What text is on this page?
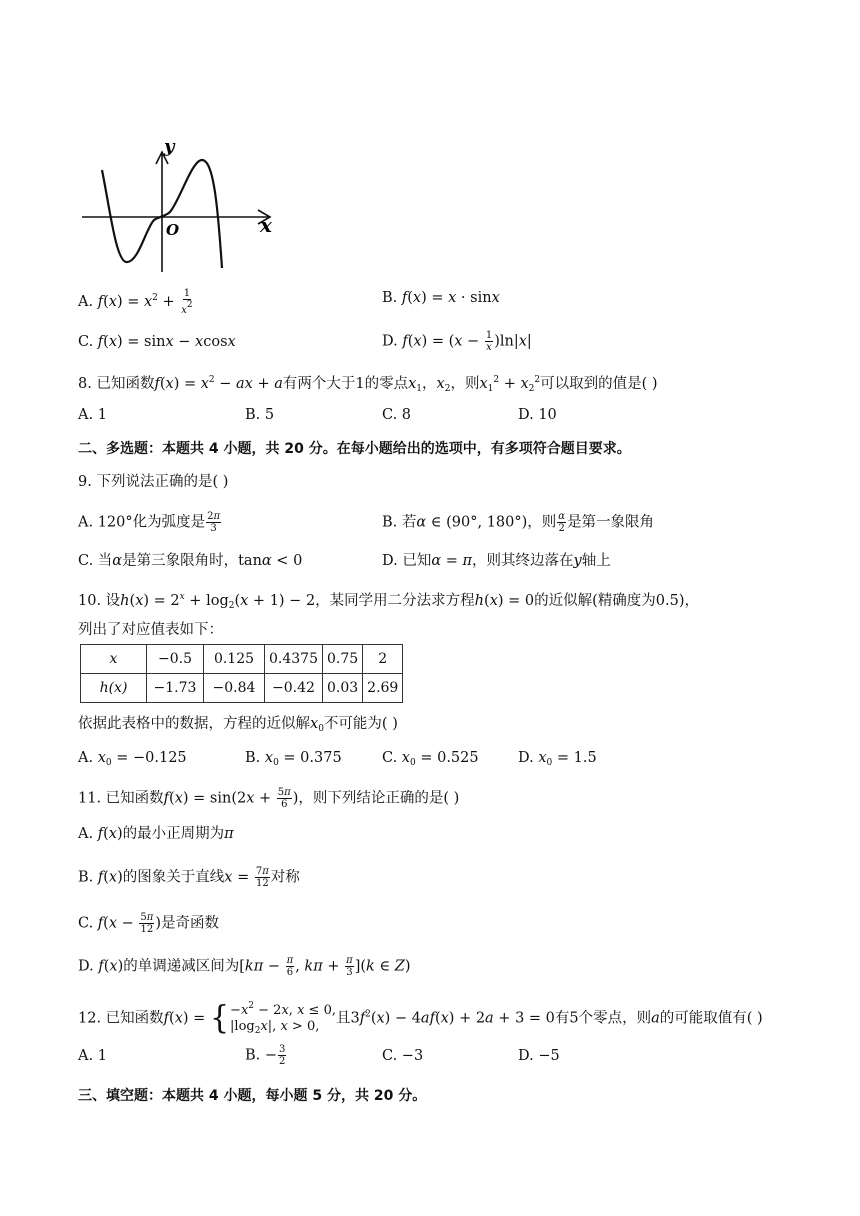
y
x
O
A. $f(x) = x^2 + \frac{1}{x^2}$	B. f(x) = x · sinx
C. f(x) = sinx − xcosx	D. $f(x) = (x - \frac{1}{x} )\ln|x|$
8. 已知函数$f(x) = x^2$ − ax + a有两个大于1的零点$x_1$，$x_2$，则$x_1^2 + x_2^2$可以取到的值是( )
A. 1	B. 5	C. 8	D. 10
二、多选题：本题共 4 小题，共 20 分。在每小题给出的选项中，有多项符合题目要求。
9. 下列说法正确的是( )
A. 120°化为弧度是 $\frac{2\pi}{3}$	B. 若α ∈ (90°, 180°)，则 $\frac{\alpha}{2}$ 是第一象限角
C. 当α是第三象限角时，tanα < 0	D. 已知α = π，则其终边落在y轴上
10. 设$h(x) = 2^x + \log_2(x + 1) - 2$，某同学用二分法求方程h(x) = 0的近似解(精确度为0.5)，
列出了对应值表如下：
x	−0.5	0.125	0.4375	0.75	2
h(x)	−1.73	−0.84	−0.42	0.03	2.69
依据此表格中的数据，方程的近似解$x_0$不可能为( )
A. $x_0 = -0.125$	B. $x_0 = 0.375$	C. $x_0 = 0.525$	D. $x_0 = 1.5$
11. 已知函数$f(x) = \sin(2x + \frac{5\pi}{6}$ )，则下列结论正确的是( )
A. f(x)的最小正周期为π
B. f(x)的图象关于直线$x = \frac{7\pi}{12}$ 对称
C. $f(x - \frac{5\pi}{12}$ )是奇函数
D. f(x)的单调递减区间为[$k\pi - \frac{\pi}{6}$ , $k\pi + \frac{\pi}{3} ](k$ ∈ Z)
12. 已知函数f(x) = { $-x^2 - 2x$, x ≤ 0,
$|\log_2x|$, x > 0,	且$3f^2(x) - 4af(x) + 2a + 3 = 0$有5个零点，则a的可能取值有( )
A. 1	B. − $\frac{3}{2}$	C. −3	D. −5
三、填空题：本题共 4 小题，每小题 5 分，共 20 分。
